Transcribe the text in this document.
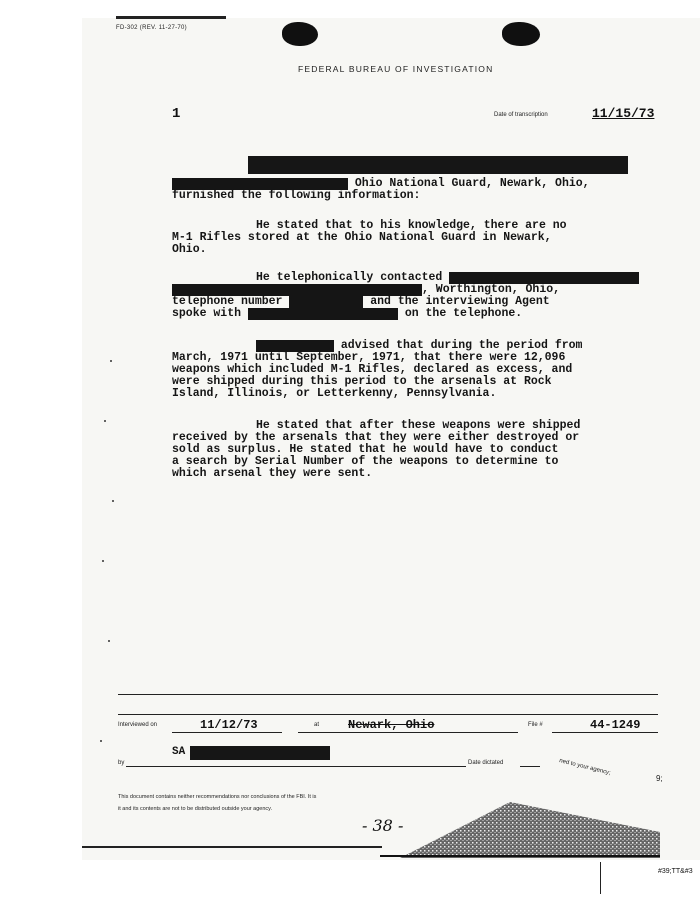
FD-302 (REV. 11-27-70)
FEDERAL BUREAU OF INVESTIGATION
1	Date of transcription	11/15/73
Ohio National Guard, Newark, Ohio,
furnished the following information:
He stated that to his knowledge, there are no
M-1 Rifles stored at the Ohio National Guard in Newark,
Ohio.
He telephonically contacted
, Worthington, Ohio,
telephone number	and the interviewing Agent
spoke with	on the telephone.
advised that during the period from
March, 1971 until September, 1971, that there were 12,096
weapons which included M-1 Rifles, declared as excess, and
were shipped during this period to the arsenals at Rock
Island, Illinois, or Letterkenny, Pennsylvania.
He stated that after these weapons were shipped
received by the arsenals that they were either destroyed or
sold as surplus. He stated that he would have to conduct
a search by Serial Number of the weapons to determine to
which arsenal they were sent.
Interviewed on	11/12/73	at Newark, Ohio	File #	44-1249
SA
by	Date dictated	ned to your agency;
9;
This document contains neither recommendations nor conclusions of the FBI. It is
it and its contents are not to be distributed outside your agency.
- 38 -
#39;TT&#3
